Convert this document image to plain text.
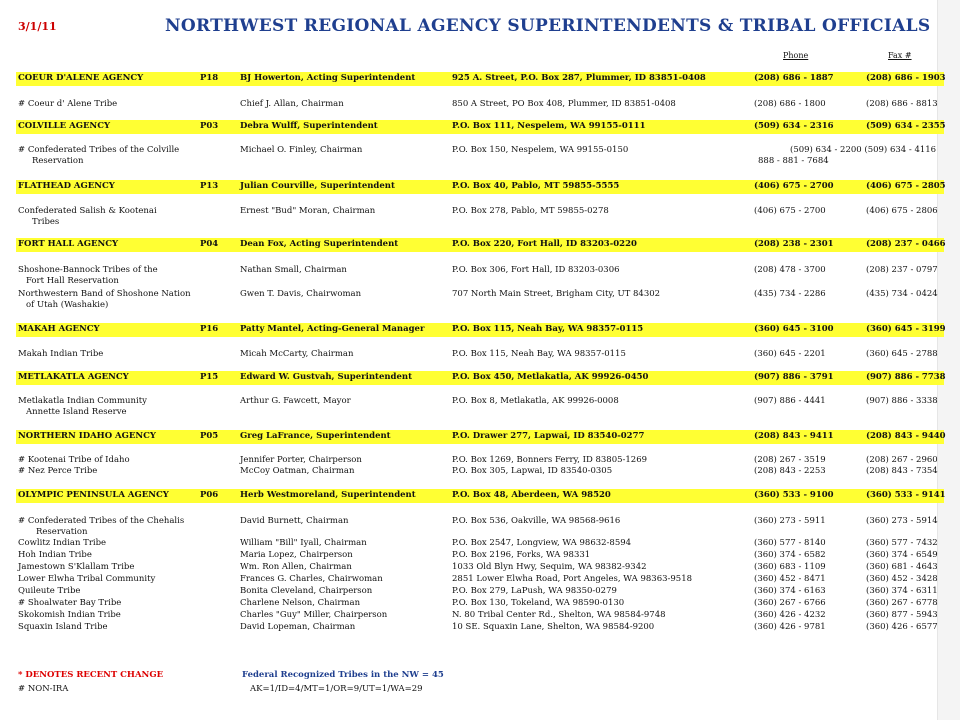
3/1/11	NORTHWEST REGIONAL AGENCY SUPERINTENDENTS & TRIBAL OFFICIALS
Phone	Fax #
COEUR D'ALENE AGENCY	P18	BJ Howerton, Acting Superintendent	925 A. Street, P.O. Box 287, Plummer, ID 83851-0408	(208) 686 - 1887	(208) 686 - 1903
# Coeur d' Alene Tribe	Chief J. Allan, Chairman	850 A Street, PO Box 408, Plummer, ID 83851-0408	(208) 686 - 1800	(208) 686 - 8813
COLVILLE AGENCY	P03	Debra Wulff, Superintendent	P.O. Box 111, Nespelem, WA 99155-0111	(509) 634 - 2316	(509) 634 - 2355
# Confederated Tribes of the Colville	Michael O. Finley, Chairman	P.O. Box 150, Nespelem, WA 99155-0150	(509) 634 - 2200 (509) 634 - 4116
Reservation	888 - 881 - 7684
FLATHEAD AGENCY	P13	Julian Courville, Superintendent	P.O. Box 40, Pablo, MT 59855-5555	(406) 675 - 2700	(406) 675 - 2805
Confederated Salish & Kootenai	Ernest "Bud" Moran, Chairman	P.O. Box 278, Pablo, MT 59855-0278	(406) 675 - 2700	(406) 675 - 2806
Tribes
FORT HALL AGENCY	P04	Dean Fox, Acting Superintendent	P.O. Box 220, Fort Hall, ID 83203-0220	(208) 238 - 2301	(208) 237 - 0466
Shoshone-Bannock Tribes of the	Nathan Small, Chairman	P.O. Box 306, Fort Hall, ID 83203-0306	(208) 478 - 3700	(208) 237 - 0797
Fort Hall Reservation
Northwestern Band of Shoshone Nation	Gwen T. Davis, Chairwoman	707 North Main Street, Brigham City, UT 84302	(435) 734 - 2286	(435) 734 - 0424
of Utah (Washakie)
MAKAH AGENCY	P16	Patty Mantel, Acting-General Manager	P.O. Box 115, Neah Bay, WA 98357-0115	(360) 645 - 3100	(360) 645 - 3199
Makah Indian Tribe	Micah McCarty, Chairman	P.O. Box 115, Neah Bay, WA 98357-0115	(360) 645 - 2201	(360) 645 - 2788
METLAKATLA AGENCY	P15	Edward W. Gustvah, Superintendent	P.O. Box 450, Metlakatla, AK 99926-0450	(907) 886 - 3791	(907) 886 - 7738
Metlakatla Indian Community	Arthur G. Fawcett, Mayor	P.O. Box 8, Metlakatla, AK 99926-0008	(907) 886 - 4441	(907) 886 - 3338
Annette Island Reserve
NORTHERN IDAHO AGENCY	P05	Greg LaFrance, Superintendent	P.O. Drawer 277, Lapwai, ID 83540-0277	(208) 843 - 9411	(208) 843 - 9440
# Kootenai Tribe of Idaho	Jennifer Porter, Chairperson	P.O. Box 1269, Bonners Ferry, ID 83805-1269	(208) 267 - 3519	(208) 267 - 2960
# Nez Perce Tribe	McCoy Oatman, Chairman	P.O. Box 305, Lapwai, ID 83540-0305	(208) 843 - 2253	(208) 843 - 7354
OLYMPIC PENINSULA AGENCY	P06	Herb Westmoreland, Superintendent	P.O. Box 48, Aberdeen, WA 98520	(360) 533 - 9100	(360) 533 - 9141
# Confederated Tribes of the Chehalis	David Burnett, Chairman	P.O. Box 536, Oakville, WA 98568-9616	(360) 273 - 5911	(360) 273 - 5914
Reservation
Cowlitz Indian Tribe	William "Bill" Iyall, Chairman	P.O. Box 2547, Longview, WA 98632-8594	(360) 577 - 8140	(360) 577 - 7432
Hoh Indian Tribe	Maria Lopez, Chairperson	P.O. Box 2196, Forks, WA 98331	(360) 374 - 6582	(360) 374 - 6549
Jamestown S'Klallam Tribe	Wm. Ron Allen, Chairman	1033 Old Blyn Hwy, Sequim, WA 98382-9342	(360) 683 - 1109	(360) 681 - 4643
Lower Elwha Tribal Community	Frances G. Charles, Chairwoman	2851 Lower Elwha Road, Port Angeles, WA 98363-9518	(360) 452 - 8471	(360) 452 - 3428
Quileute Tribe	Bonita Cleveland, Chairperson	P.O. Box 279, LaPush, WA 98350-0279	(360) 374 - 6163	(360) 374 - 6311
# Shoalwater Bay Tribe	Charlene Nelson, Chairman	P.O. Box 130, Tokeland, WA 98590-0130	(360) 267 - 6766	(360) 267 - 6778
Skokomish Indian Tribe	Charles "Guy" Miller, Chairperson	N. 80 Tribal Center Rd., Shelton, WA 98584-9748	(360) 426 - 4232	(360) 877 - 5943
Squaxin Island Tribe	David Lopeman, Chairman	10 SE. Squaxin Lane, Shelton, WA 98584-9200	(360) 426 - 9781	(360) 426 - 6577
* DENOTES RECENT CHANGE
# NON-IRA
Federal Recognized Tribes in the NW = 45
AK=1/ID=4/MT=1/OR=9/UT=1/WA=29
